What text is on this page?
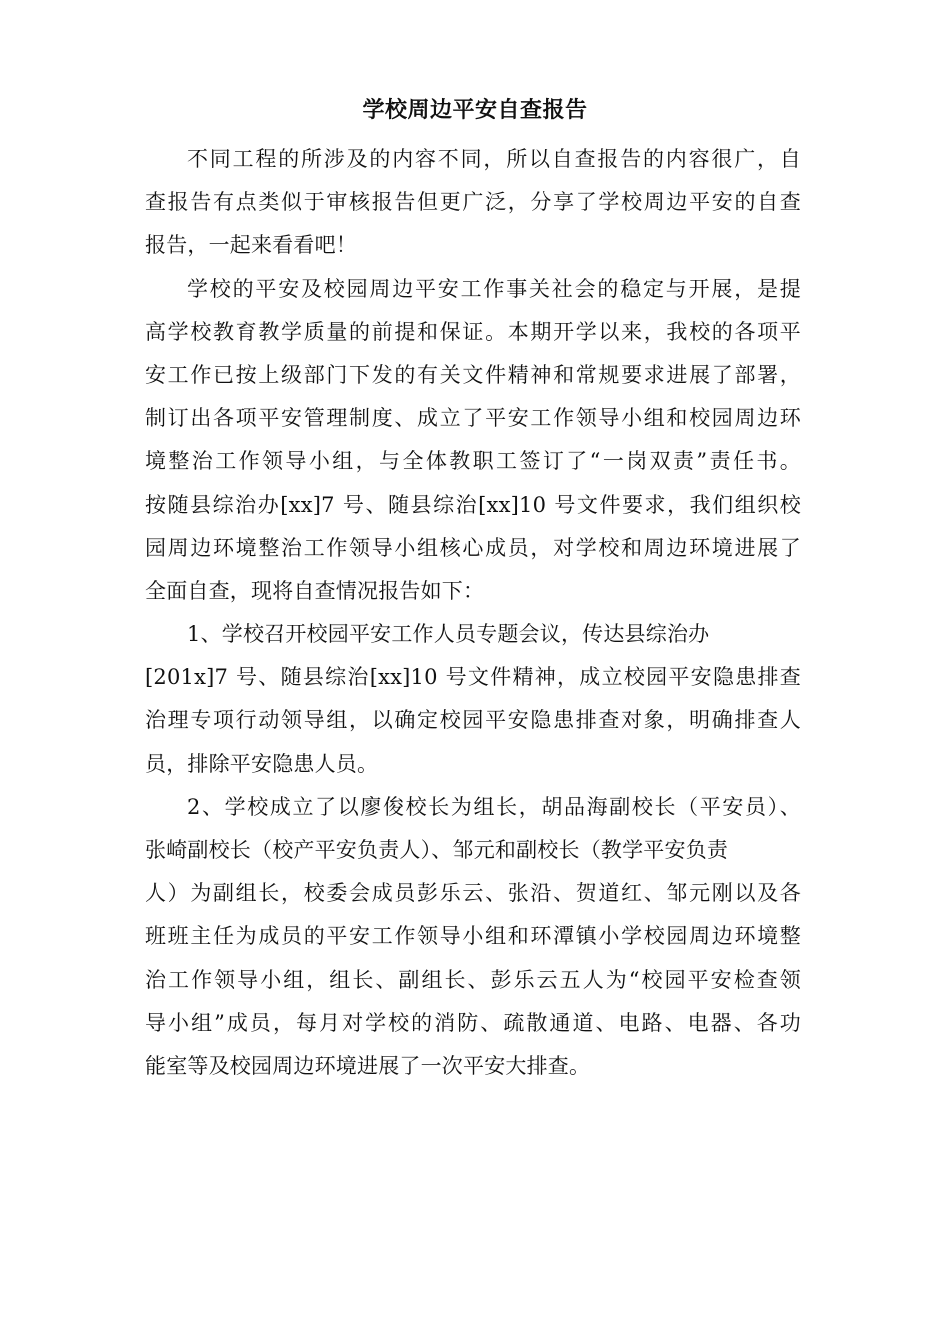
学校周边平安自查报告
不同工程的所涉及的内容不同，所以自查报告的内容很广，自
查报告有点类似于审核报告但更广泛，分享了学校周边平安的自查
报告，一起来看看吧！
学校的平安及校园周边平安工作事关社会的稳定与开展，是提
高学校教育教学质量的前提和保证。本期开学以来，我校的各项平
安工作已按上级部门下发的有关文件精神和常规要求进展了部署，
制订出各项平安管理制度、成立了平安工作领导小组和校园周边环
境整治工作领导小组，与全体教职工签订了“一岗双责”责任书。
按随县综治办[xx]7 号、随县综治[xx]10 号文件要求，我们组织校
园周边环境整治工作领导小组核心成员，对学校和周边环境进展了
全面自查，现将自查情况报告如下：
1、学校召开校园平安工作人员专题会议，传达县综治办
[201x]7 号、随县综治[xx]10 号文件精神，成立校园平安隐患排查
治理专项行动领导组，以确定校园平安隐患排查对象，明确排查人
员，排除平安隐患人员。
2、学校成立了以廖俊校长为组长，胡品海副校长（平安员）、
张崎副校长（校产平安负责人）、邹元和副校长（教学平安负责
人）为副组长，校委会成员彭乐云、张沿、贺道红、邹元刚以及各
班班主任为成员的平安工作领导小组和环潭镇小学校园周边环境整
治工作领导小组，组长、副组长、彭乐云五人为“校园平安检查领
导小组”成员，每月对学校的消防、疏散通道、电路、电器、各功
能室等及校园周边环境进展了一次平安大排查。
